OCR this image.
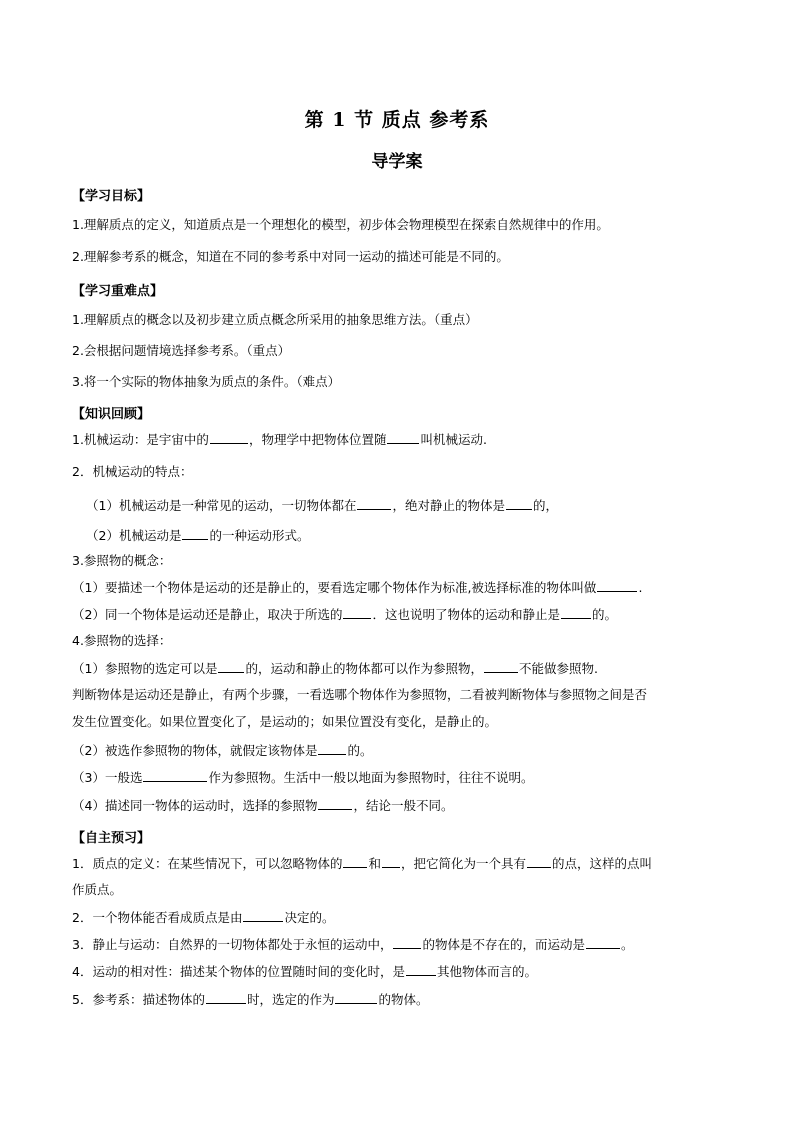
第 1 节 质点 参考系
导学案
【学习目标】
1.理解质点的定义，知道质点是一个理想化的模型，初步体会物理模型在探索自然规律中的作用。
2.理解参考系的概念，知道在不同的参考系中对同一运动的描述可能是不同的。
【学习重难点】
1.理解质点的概念以及初步建立质点概念所采用的抽象思维方法。（重点）
2.会根据问题情境选择参考系。（重点）
3.将一个实际的物体抽象为质点的条件。（难点）
【知识回顾】
1.机械运动：是宇宙中的	，物理学中把物体位置随	叫机械运动.
2．机械运动的特点：
（1）机械运动是一种常见的运动，一切物体都在	，绝对静止的物体是 的，
（2）机械运动是 的一种运动形式。
3.参照物的概念：
（1）要描述一个物体是运动的还是静止的，要看选定哪个物体作为标准,被选择标准的物体叫做	.
（2）同一个物体是运动还是静止，取决于所选的 ．这也说明了物体的运动和静止是	的。
4.参照物的选择：
（1）参照物的选定可以是 的，运动和静止的物体都可以作为参照物，	不能做参照物.
判断物体是运动还是静止，有两个步骤，一看选哪个物体作为参照物，二看被判断物体与参照物之间是否
发生位置变化。如果位置变化了，是运动的；如果位置没有变化，是静止的。
（2）被选作参照物的物体，就假定该物体是 的。
（3）一般选	作为参照物。生活中一般以地面为参照物时，往往不说明。
（4）描述同一物体的运动时，选择的参照物	，结论一般不同。
【自主预习】
1．质点的定义：在某些情况下，可以忽略物体的 和 ，把它简化为一个具有 的点，这样的点叫
作质点。
2．一个物体能否看成质点是由	决定的。
3．静止与运动：自然界的一切物体都处于永恒的运动中， 的物体是不存在的，而运动是	。
4．运动的相对性：描述某个物体的位置随时间的变化时，是	其他物体而言的。
5．参考系：描述物体的	时，选定的作为	的物体。
